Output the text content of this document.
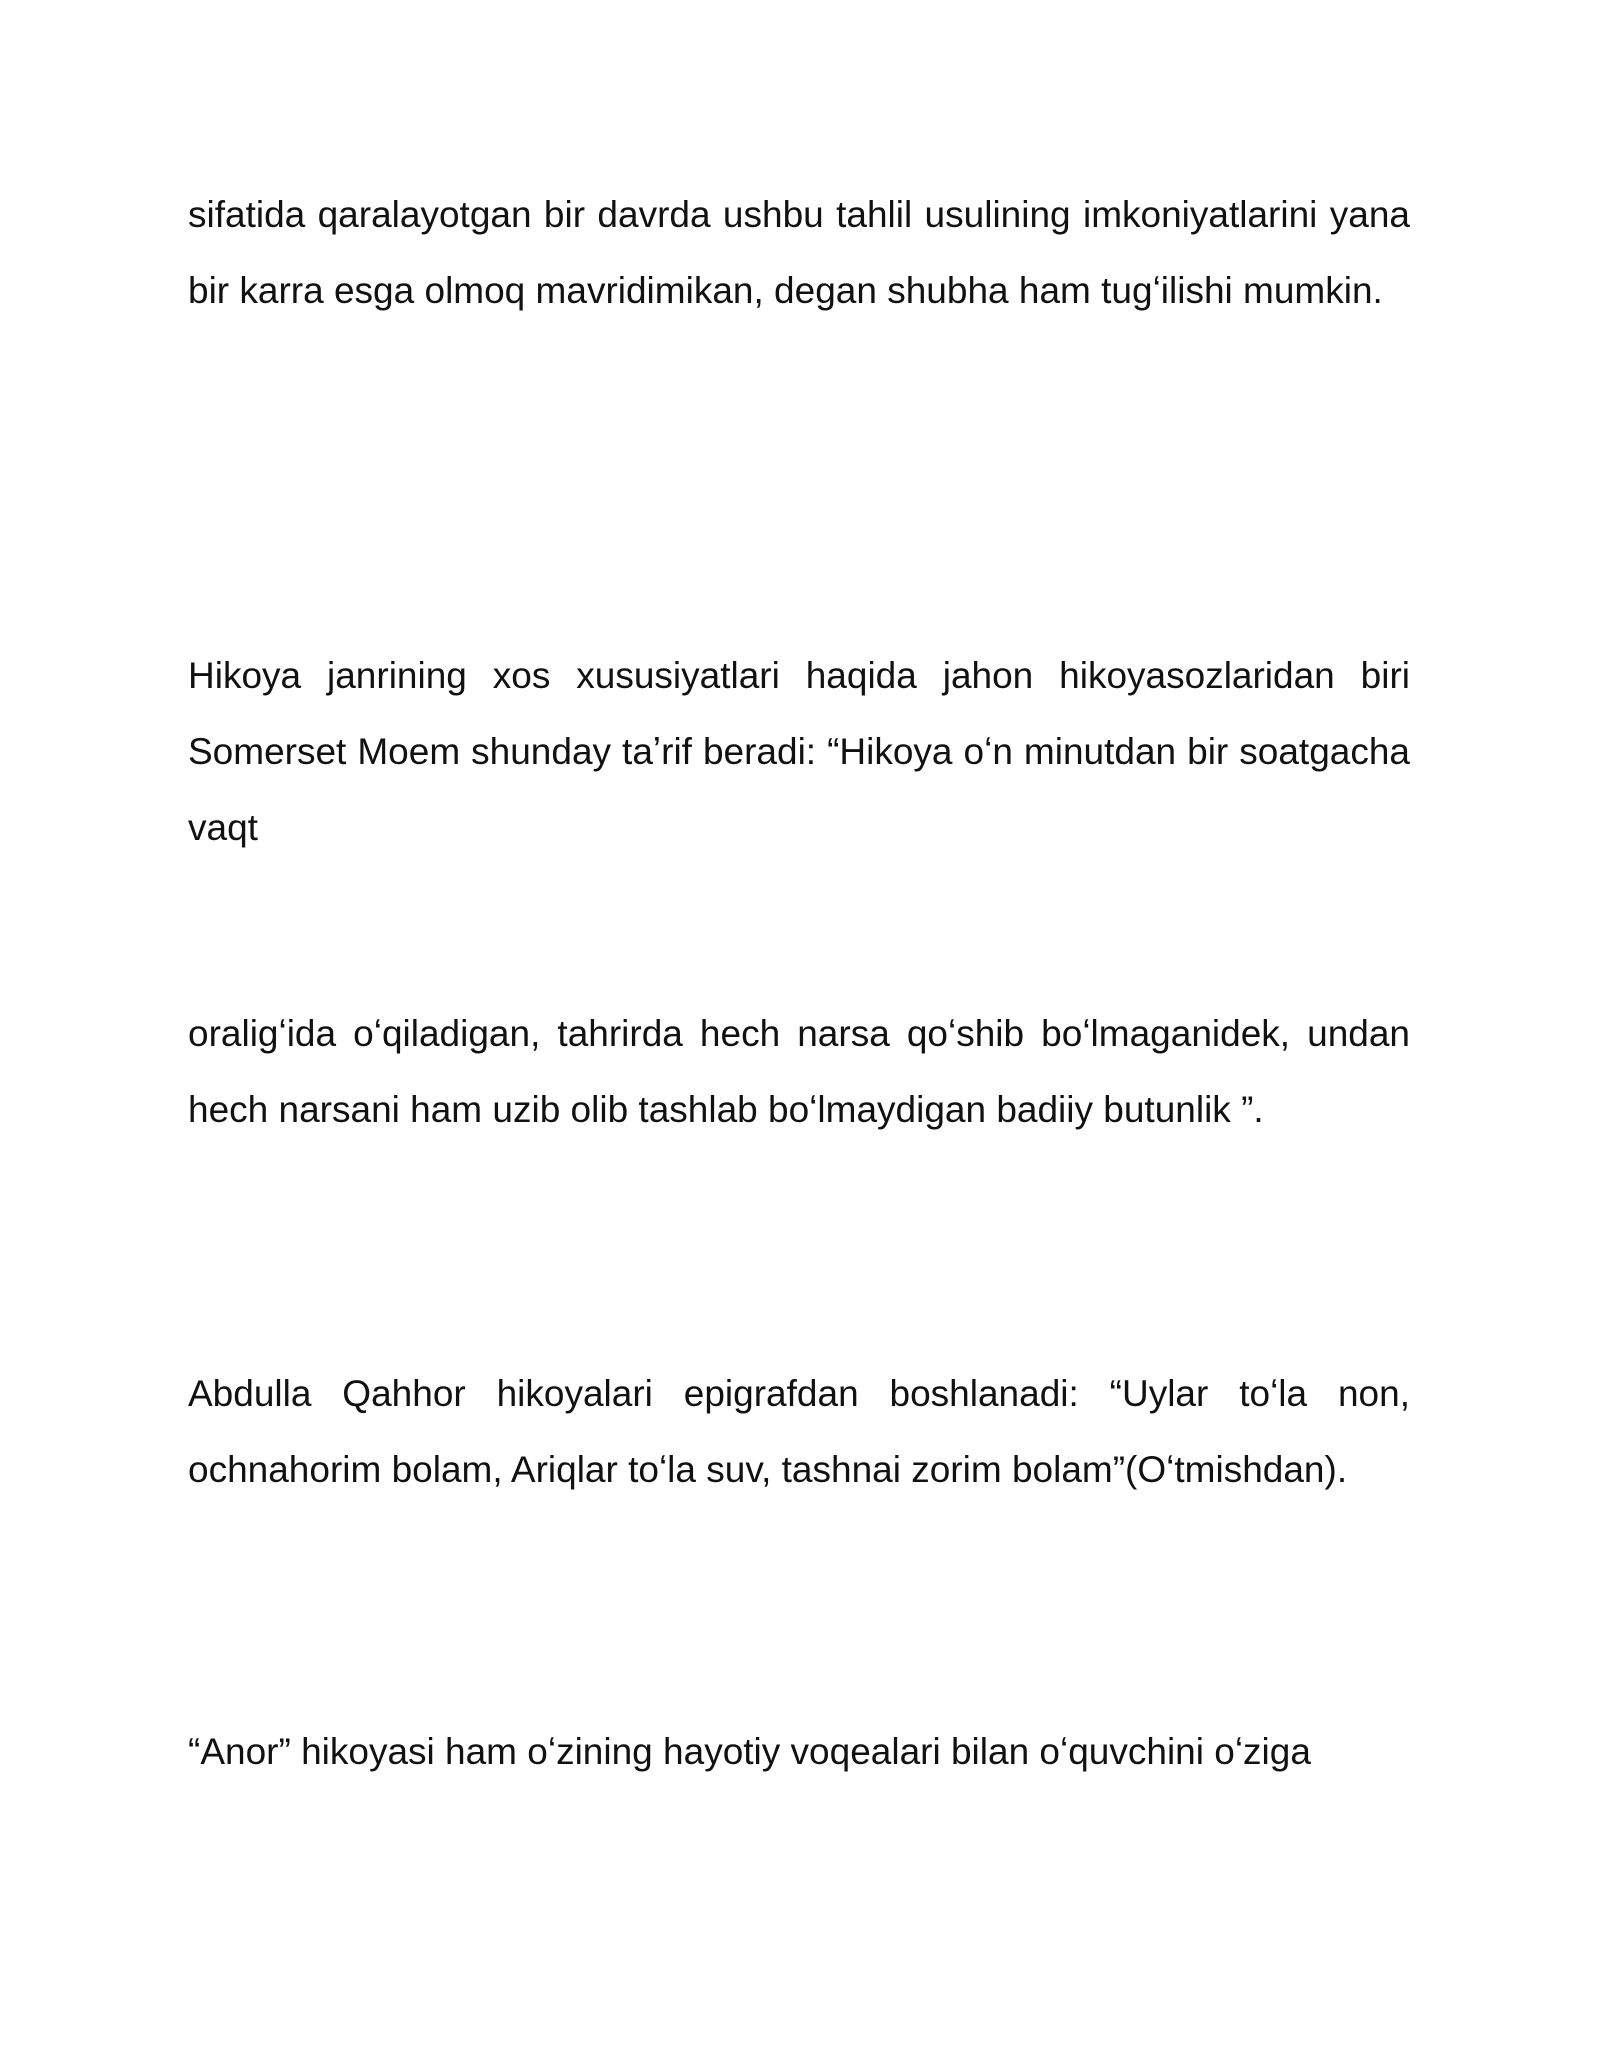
sifatida qaralayotgan bir davrda ushbu tahlil usulining imkoniyatlarini yana bir karra esga olmoq mavridimikan, degan shubha ham tugʻilishi mumkin.

Hikoya janrining xos xususiyatlari haqida jahon hikoyasozlaridan biri Somerset Moem shunday taʼrif beradi: “Hikoya oʻn minutdan bir soatgacha vaqt

oraligʻida oʻqiladigan, tahrirda hech narsa qoʻshib boʻlmaganidek, undan hech narsani ham uzib olib tashlab boʻlmaydigan badiiy butunlik ”.

Abdulla Qahhor hikoyalari epigrafdan boshlanadi: “Uylar toʻla non, ochnahorim bolam, Ariqlar toʻla suv, tashnai zorim bolam”(Oʻtmishdan).

“Anor” hikoyasi ham oʻzining hayotiy voqealari bilan oʻquvchini oʻziga
